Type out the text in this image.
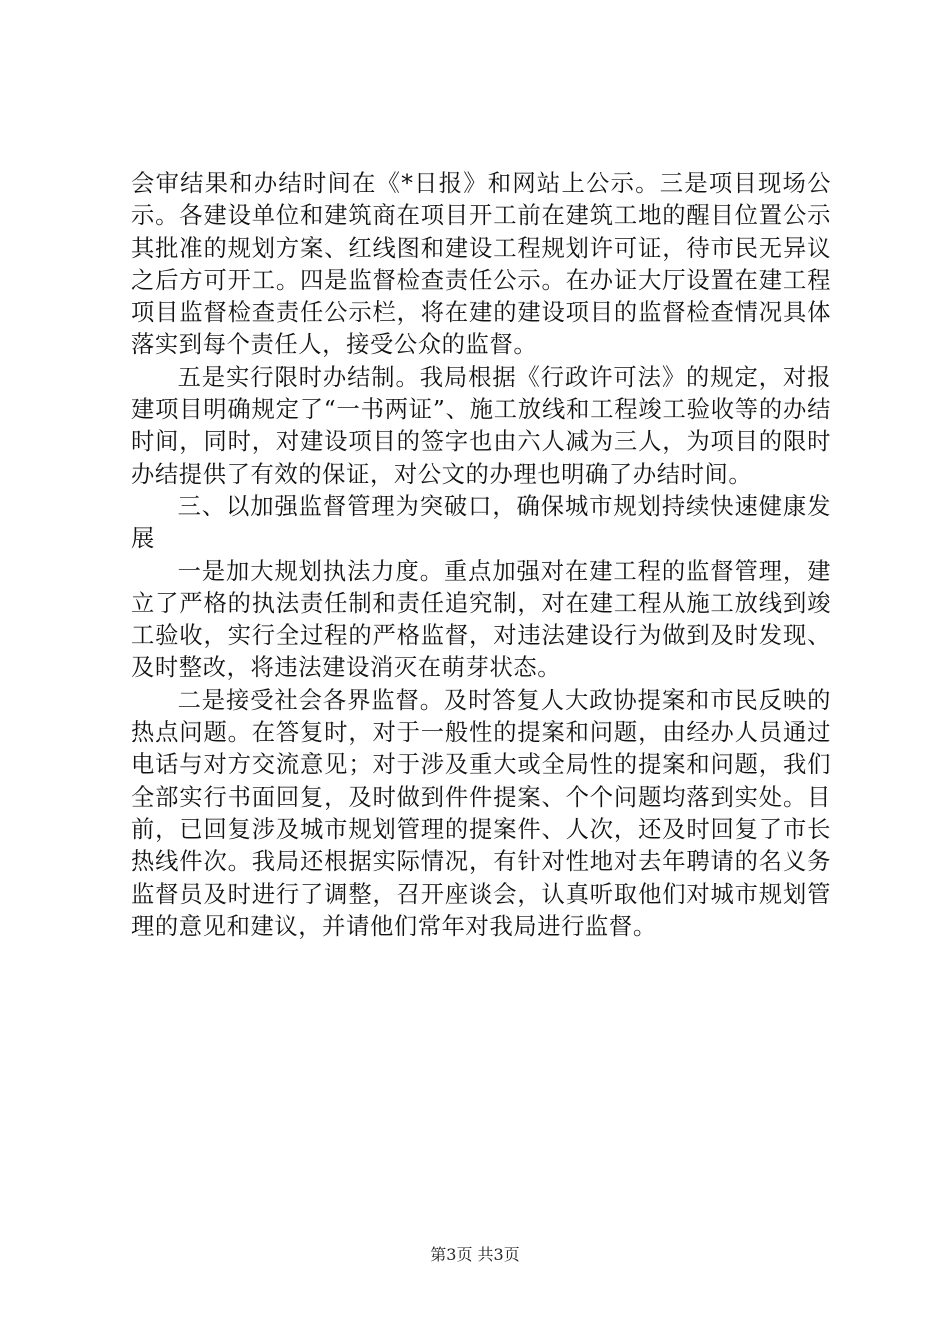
会审结果和办结时间在《*日报》和网站上公示。三是项目现场公示。各建设单位和建筑商在项目开工前在建筑工地的醒目位置公示其批准的规划方案、红线图和建设工程规划许可证，待市民无异议之后方可开工。四是监督检查责任公示。在办证大厅设置在建工程项目监督检查责任公示栏，将在建的建设项目的监督检查情况具体落实到每个责任人，接受公众的监督。

五是实行限时办结制。我局根据《行政许可法》的规定，对报建项目明确规定了“一书两证”、施工放线和工程竣工验收等的办结时间，同时，对建设项目的签字也由六人减为三人，为项目的限时办结提供了有效的保证，对公文的办理也明确了办结时间。

三、以加强监督管理为突破口，确保城市规划持续快速健康发展

一是加大规划执法力度。重点加强对在建工程的监督管理，建立了严格的执法责任制和责任追究制，对在建工程从施工放线到竣工验收，实行全过程的严格监督，对违法建设行为做到及时发现、及时整改，将违法建设消灭在萌芽状态。

二是接受社会各界监督。及时答复人大政协提案和市民反映的热点问题。在答复时，对于一般性的提案和问题，由经办人员通过电话与对方交流意见；对于涉及重大或全局性的提案和问题，我们全部实行书面回复，及时做到件件提案、个个问题均落到实处。目前，已回复涉及城市规划管理的提案件、人次，还及时回复了市长热线件次。我局还根据实际情况，有针对性地对去年聘请的名义务监督员及时进行了调整，召开座谈会，认真听取他们对城市规划管理的意见和建议，并请他们常年对我局进行监督。

第3页 共3页
